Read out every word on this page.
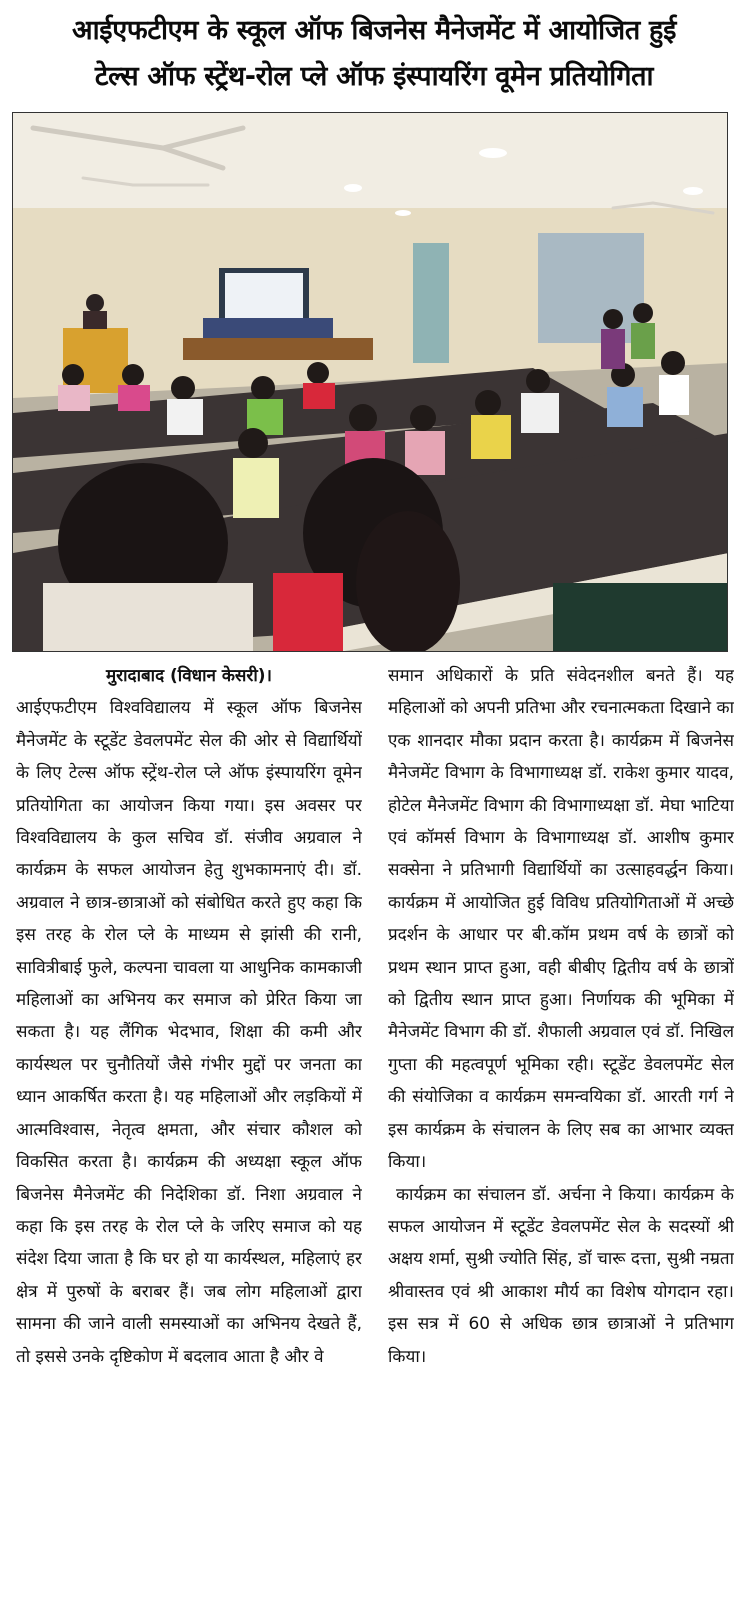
आईएफटीएम के स्कूल ऑफ बिजनेस मैनेजमेंट में आयोजित हुई
टेल्स ऑफ स्ट्रेंथ-रोल प्ले ऑफ इंस्पायरिंग वूमेन प्रतियोगिता
मुरादाबाद (विधान केसरी)।

आईएफटीएम विश्वविद्यालय में स्कूल ऑफ बिजनेस मैनेजमेंट के स्टूडेंट डेवलपमेंट सेल की ओर से विद्यार्थियों के लिए टेल्स ऑफ स्ट्रेंथ-रोल प्ले ऑफ इंस्पायरिंग वूमेन प्रतियोगिता का आयोजन किया गया। इस अवसर पर विश्वविद्यालय के कुल सचिव डॉ. संजीव अग्रवाल ने कार्यक्रम के सफल आयोजन हेतु शुभकामनाएं दी। डॉ. अग्रवाल ने छात्र-छात्राओं को संबोधित करते हुए कहा कि इस तरह के रोल प्ले के माध्यम से झांसी की रानी, सावित्रीबाई फुले, कल्पना चावला या आधुनिक कामकाजी महिलाओं का अभिनय कर समाज को प्रेरित किया जा सकता है। यह लैंगिक भेदभाव, शिक्षा की कमी और कार्यस्थल पर चुनौतियों जैसे गंभीर मुद्दों पर जनता का ध्यान आकर्षित करता है। यह महिलाओं और लड़कियों में आत्मविश्वास, नेतृत्व क्षमता, और संचार कौशल को विकसित करता है। कार्यक्रम की अध्यक्षा स्कूल ऑफ बिजनेस मैनेजमेंट की निदेशिका डॉ. निशा अग्रवाल ने कहा कि इस तरह के रोल प्ले के जरिए समाज को यह संदेश दिया जाता है कि घर हो या कार्यस्थल, महिलाएं हर क्षेत्र में पुरुषों के बराबर हैं। जब लोग महिलाओं द्वारा सामना की जाने वाली समस्याओं का अभिनय देखते हैं, तो इससे उनके दृष्टिकोण में बदलाव आता है और वे

समान अधिकारों के प्रति संवेदनशील बनते हैं। यह महिलाओं को अपनी प्रतिभा और रचनात्मकता दिखाने का एक शानदार मौका प्रदान करता है। कार्यक्रम में बिजनेस मैनेजमेंट विभाग के विभागाध्यक्ष डॉ. राकेश कुमार यादव, होटेल मैनेजमेंट विभाग की विभागाध्यक्षा डॉ. मेघा भाटिया एवं कॉमर्स विभाग के विभागाध्यक्ष डॉ. आशीष कुमार सक्सेना ने प्रतिभागी विद्यार्थियों का उत्साहवर्द्धन किया। कार्यक्रम में आयोजित हुई विविध प्रतियोगिताओं में अच्छे प्रदर्शन के आधार पर बी.कॉम प्रथम वर्ष के छात्रों को प्रथम स्थान प्राप्त हुआ, वही बीबीए द्वितीय वर्ष के छात्रों को द्वितीय स्थान प्राप्त हुआ। निर्णायक की भूमिका में मैनेजमेंट विभाग की डॉ. शैफाली अग्रवाल एवं डॉ. निखिल गुप्ता की महत्वपूर्ण भूमिका रही। स्टूडेंट डेवलपमेंट सेल की संयोजिका व कार्यक्रम समन्वयिका डॉ. आरती गर्ग ने इस कार्यक्रम के संचालन के लिए सब का आभार व्यक्त किया।

कार्यक्रम का संचालन डॉ. अर्चना ने किया। कार्यक्रम के सफल आयोजन में स्टूडेंट डेवलपमेंट सेल के सदस्यों श्री अक्षय शर्मा, सुश्री ज्योति सिंह, डॉ चारू दत्ता, सुश्री नम्रता श्रीवास्तव एवं श्री आकाश मौर्य का विशेष योगदान रहा। इस सत्र में 60 से अधिक छात्र छात्राओं ने प्रतिभाग किया।
